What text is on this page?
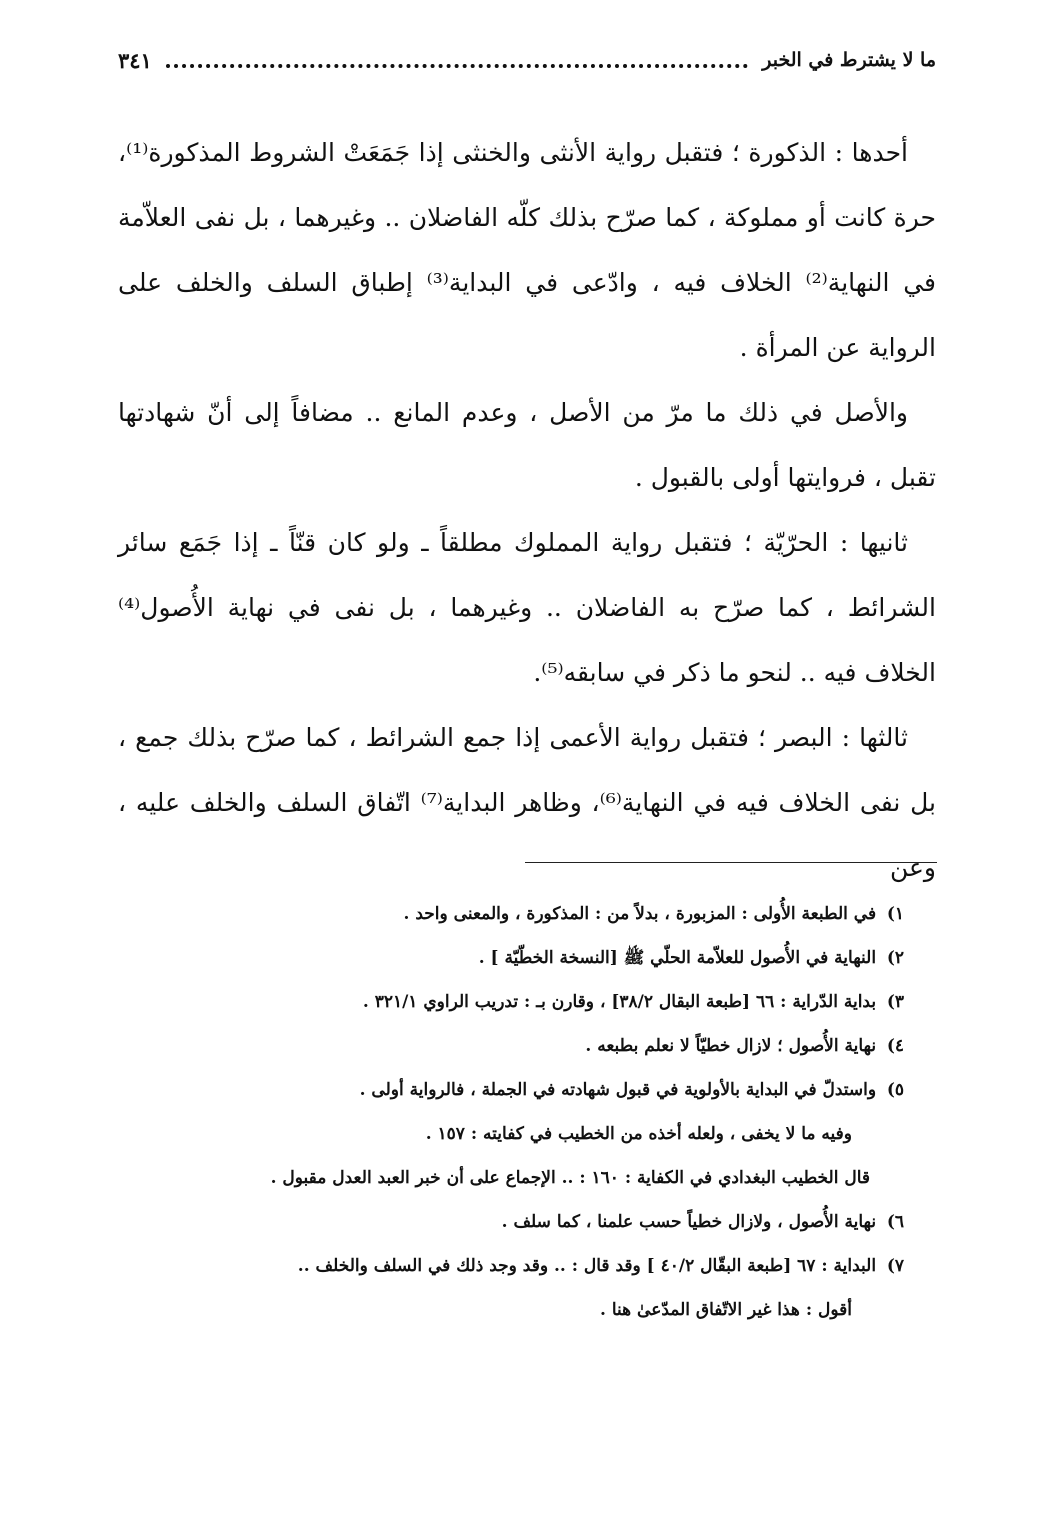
ما لا يشترط في الخبر
٣٤١

أحدها : الذكورة ؛ فتقبل رواية الأنثى والخنثى إذا جَمَعَتْ الشروط المذكورة⁽¹⁾، حرة كانت أو مملوكة ، كما صرّح بذلك كلّه الفاضلان .. وغيرهما ، بل نفى العلاّمة في النهاية⁽²⁾ الخلاف فيه ، وادّعى في البداية⁽³⁾ إطباق السلف والخلف على الرواية عن المرأة .

والأصل في ذلك ما مرّ من الأصل ، وعدم المانع .. مضافاً إلى أنّ شهادتها تقبل ، فروايتها أولى بالقبول .

ثانيها : الحرّيّة ؛ فتقبل رواية المملوك مطلقاً ـ ولو كان قنّاً ـ إذا جَمَع سائر الشرائط ، كما صرّح به الفاضلان .. وغيرهما ، بل نفى في نهاية الأُصول⁽⁴⁾ الخلاف فيه .. لنحو ما ذكر في سابقه⁽⁵⁾.

ثالثها : البصر ؛ فتقبل رواية الأعمى إذا جمع الشرائط ، كما صرّح بذلك جمع ، بل نفى الخلاف فيه في النهاية⁽⁶⁾، وظاهر البداية⁽⁷⁾ اتّفاق السلف والخلف عليه ، وعن

١) في الطبعة الأُولى : المزبورة ، بدلاً من : المذكورة ، والمعنى واحد .
٢) النهاية في الأُصول للعلاّمة الحلّي ﷺ [النسخة الخطّيّة ] .
٣) بداية الدّراية : ٦٦ [طبعة البقال ٣٨/٢] ، وقارن بـ : تدريب الراوي ٣٢١/١ .
٤) نهاية الأُصول ؛ لازال خطيّاً لا نعلم بطبعه .
٥) واستدلّ في البداية بالأولوية في قبول شهادته في الجملة ، فالرواية أولى .
وفيه ما لا يخفى ، ولعله أخذه من الخطيب في كفايته : ١٥٧ .
قال الخطيب البغدادي في الكفاية : ١٦٠ : .. الإجماع على أن خبر العبد العدل مقبول .
٦) نهاية الأُصول ، ولازال خطياً حسب علمنا ، كما سلف .
٧) البداية : ٦٧ [طبعة البقّال ٤٠/٢ ] وقد قال : .. وقد وجد ذلك في السلف والخلف ..
أقول : هذا غير الاتّفاق المدّعىٰ هنا .
